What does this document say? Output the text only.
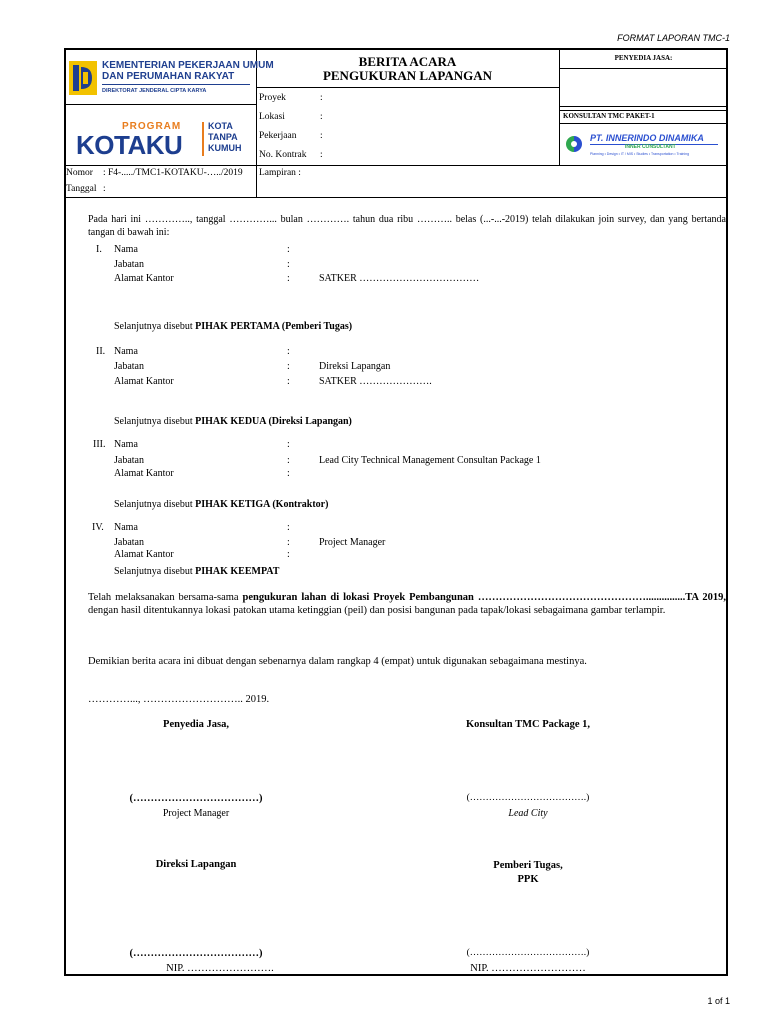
FORMAT LAPORAN TMC-1
KEMENTERIAN PEKERJAAN UMUM
DAN PERUMAHAN RAKYAT
DIREKTORAT JENDERAL CIPTA KARYA
PROGRAM
KOTAKU
KOTA
TANPA
KUMUH
BERITA ACARA
PENGUKURAN LAPANGAN
Proyek	:
Lokasi	:
Pekerjaan :
No. Kontrak :
PENYEDIA JASA:
KONSULTAN TMC PAKET-1
PT. INNERINDO DINAMIKA
INNER CONSULTANT
Planning • Design • IT / MIS • Studies • Transportation • Training
Nomor : F4-...../TMC1-KOTAKU-…../2019
Tanggal :
Lampiran :
Pada hari ini ………….., tanggal …………... bulan …………. tahun dua ribu ……….. belas (...-...-2019) telah dilakukan join survey, dan yang bertanda tangan di bawah ini:
I. Nama	:
Jabatan	:
Alamat Kantor	:	SATKER ………………………………
Selanjutnya disebut PIHAK PERTAMA (Pemberi Tugas)
II. Nama	:
Jabatan	:	Direksi Lapangan
Alamat Kantor	:	SATKER ………………….
Selanjutnya disebut PIHAK KEDUA (Direksi Lapangan)
III. Nama	:
Jabatan	:	Lead City Technical Management Consultan Package 1
Alamat Kantor	:
Selanjutnya disebut PIHAK KETIGA (Kontraktor)
IV. Nama	:
Jabatan	:	Project Manager
Alamat Kantor	:
Selanjutnya disebut PIHAK KEEMPAT
Telah melaksanakan bersama-sama pengukuran lahan di lokasi Proyek Pembangunan …………………………………………...............TA 2019, dengan hasil ditentukannya lokasi patokan utama ketinggian (peil) dan posisi bangunan pada tapak/lokasi sebagaimana gambar terlampir.
Demikian berita acara ini dibuat dengan sebenarnya dalam rangkap 4 (empat) untuk digunakan sebagaimana mestinya.
…………..., ……………………….. 2019.
Penyedia Jasa,	Konsultan TMC Package 1,
(………………………………)	(……………………………….)
Project Manager	Lead City
Direksi Lapangan	Pemberi Tugas,
PPK
(………………………………)	(……………………………….)
NIP. …………………….	NIP. ………………………
1 of 1
